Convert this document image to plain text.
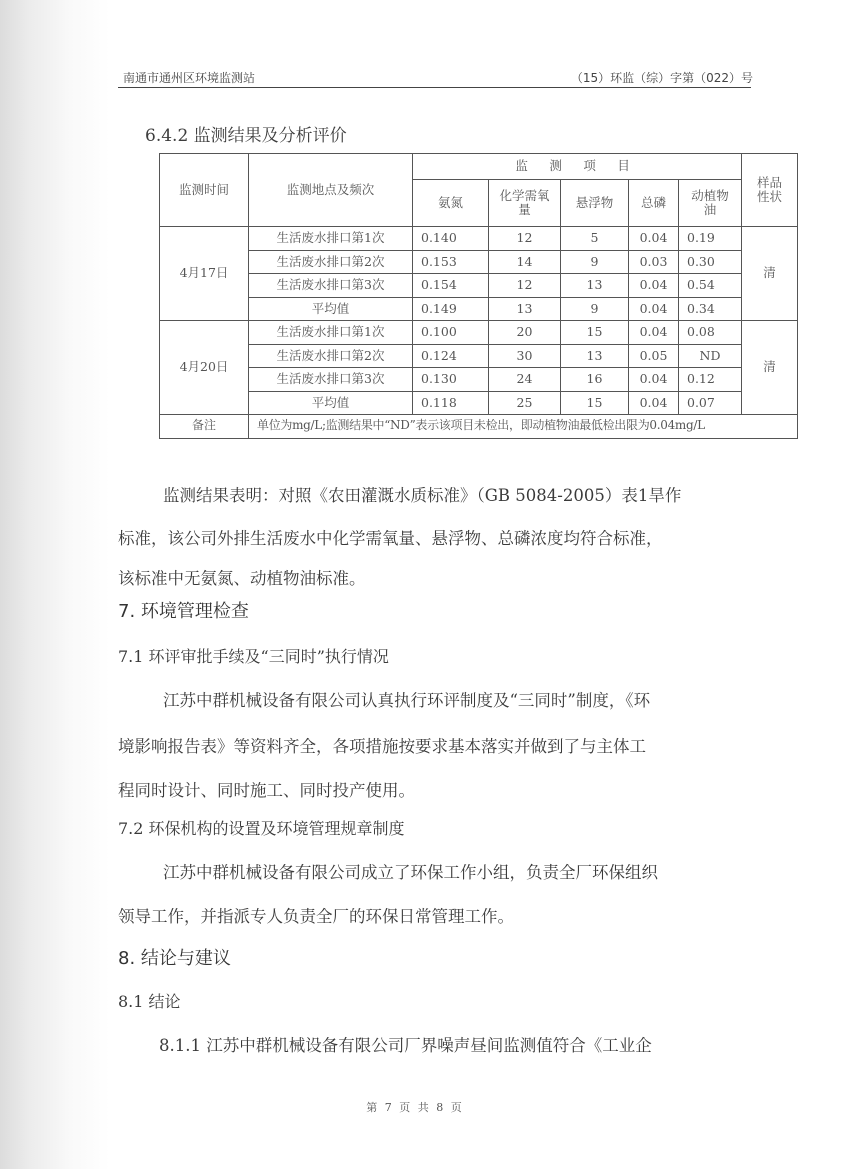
南通市通州区环境监测站	（15）环监（综）字第（022）号
6.4.2 监测结果及分析评价
监测时间	监测地点及频次	监 测 项 目					样品性状

		氨氮	化学需氧量	悬浮物	总磷	动植物油	

4月17日	生活废水排口第1次	0.140	12	5	0.04	0.19	清
	生活废水排口第2次	0.153	14	9	0.03	0.30	
	生活废水排口第3次	0.154	12	13	0.04	0.54	
	平均值	0.149	13	9	0.04	0.34	
4月20日	生活废水排口第1次	0.100	20	15	0.04	0.08	清
	生活废水排口第2次	0.124	30	13	0.05	ND	
	生活废水排口第3次	0.130	24	16	0.04	0.12	
	平均值	0.118	25	15	0.04	0.07	
备注	单位为mg/L;监测结果中“ND”表示该项目未检出，即动植物油最低检出限为0.04mg/L						
监测结果表明：对照《农田灌溉水质标准》（GB 5084-2005）表1旱作
标准，该公司外排生活废水中化学需氧量、悬浮物、总磷浓度均符合标准，
该标准中无氨氮、动植物油标准。
7. 环境管理检查
7.1 环评审批手续及“三同时”执行情况
江苏中群机械设备有限公司认真执行环评制度及“三同时”制度，《环
境影响报告表》等资料齐全，各项措施按要求基本落实并做到了与主体工
程同时设计、同时施工、同时投产使用。
7.2 环保机构的设置及环境管理规章制度
江苏中群机械设备有限公司成立了环保工作小组，负责全厂环保组织
领导工作，并指派专人负责全厂的环保日常管理工作。
8. 结论与建议
8.1 结论
8.1.1 江苏中群机械设备有限公司厂界噪声昼间监测值符合《工业企
第 7 页 共 8 页
